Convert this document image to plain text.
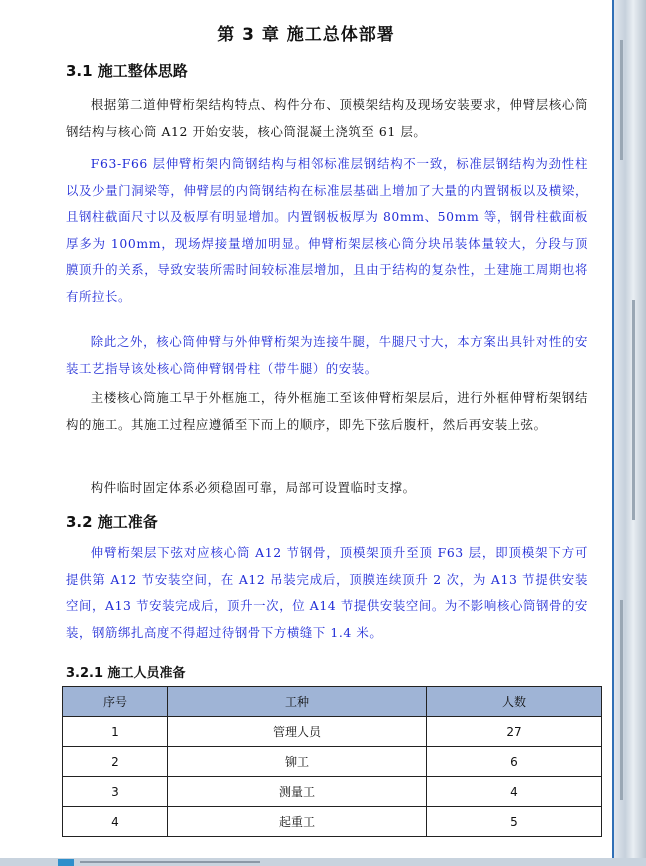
第 3 章 施工总体部署
3.1 施工整体思路

根据第二道伸臂桁架结构特点、构件分布、顶模架结构及现场安装要求，伸臂层核心筒钢结构与核心筒 A12 开始安装，核心筒混凝土浇筑至 61 层。

F63-F66 层伸臂桁架内筒钢结构与相邻标准层钢结构不一致，标准层钢结构为劲性柱以及少量门洞梁等，伸臂层的内筒钢结构在标准层基础上增加了大量的内置钢板以及横梁，且钢柱截面尺寸以及板厚有明显增加。内置钢板板厚为 80mm、50mm 等，钢骨柱截面板厚多为 100mm，现场焊接量增加明显。伸臂桁架层核心筒分块吊装体量较大，分段与顶膜顶升的关系，导致安装所需时间较标准层增加，且由于结构的复杂性，土建施工周期也将有所拉长。

除此之外，核心筒伸臂与外伸臂桁架为连接牛腿，牛腿尺寸大，本方案出具针对性的安装工艺指导该处核心筒伸臂钢骨柱（带牛腿）的安装。

主楼核心筒施工早于外框施工，待外框施工至该伸臂桁架层后，进行外框伸臂桁架钢结构的施工。其施工过程应遵循至下而上的顺序，即先下弦后腹杆，然后再安装上弦。

构件临时固定体系必须稳固可靠，局部可设置临时支撑。

3.2 施工准备

伸臂桁架层下弦对应核心筒 A12 节钢骨，顶模架顶升至顶 F63 层，即顶模架下方可提供第 A12 节安装空间，在 A12 吊装完成后，顶膜连续顶升 2 次，为 A13 节提供安装空间，A13 节安装完成后，顶升一次，位 A14 节提供安装空间。为不影响核心筒钢骨的安装，钢筋绑扎高度不得超过待钢骨下方横缝下 1.4 米。

3.2.1 施工人员准备
序号	工种	人数
1	管理人员	27
2	铆工	6
3	测量工	4
4	起重工	5
